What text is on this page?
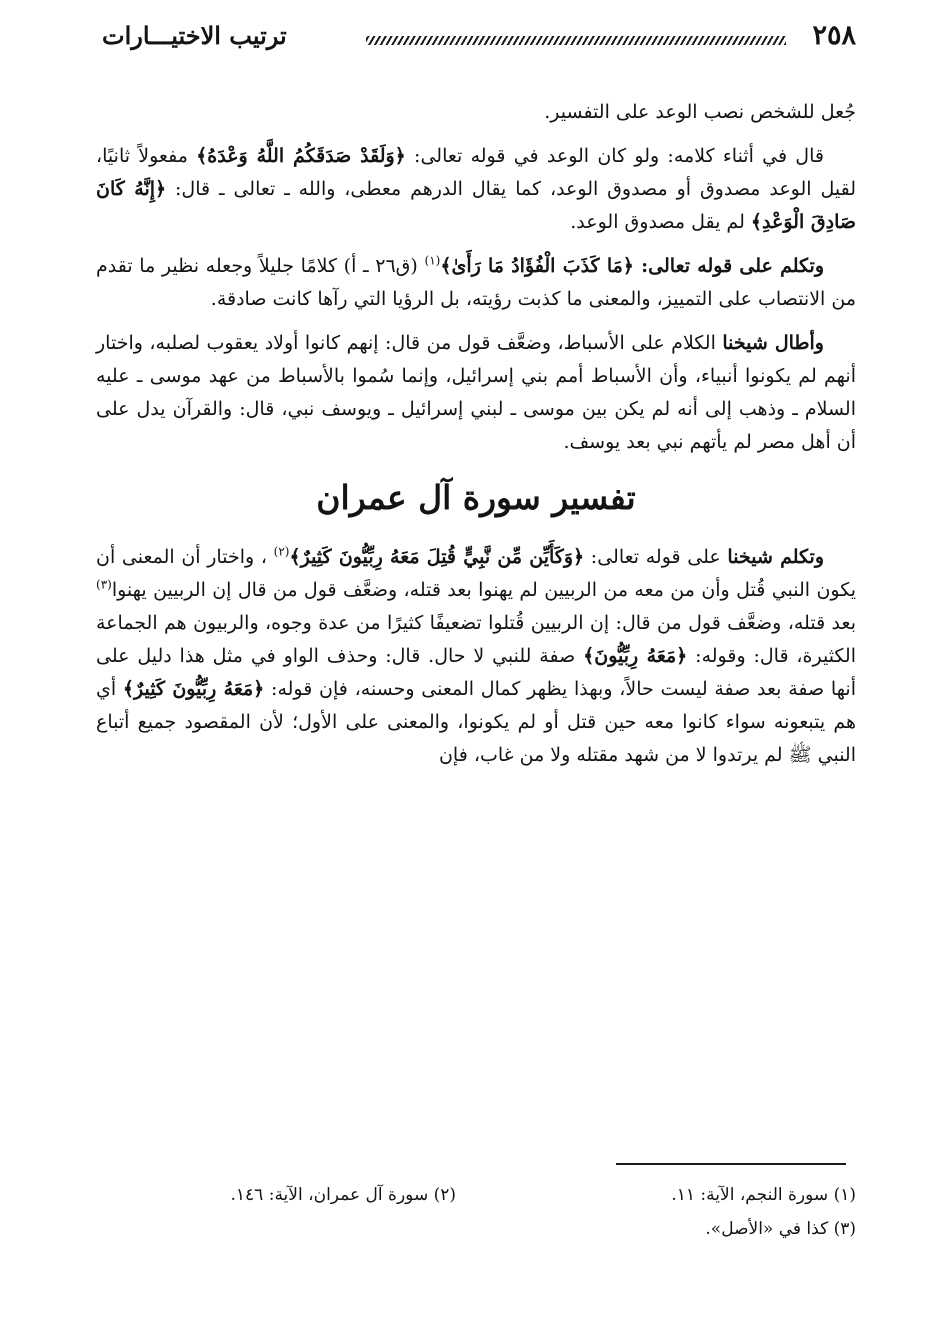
٢٥٨
ترتيب الاختيـــارات

جُعل للشخص نصب الوعد على التفسير.

قال في أثناء كلامه: ولو كان الوعد في قوله تعالى: ﴿وَلَقَدْ صَدَقَكُمُ اللَّهُ وَعْدَهُ﴾ مفعولاً ثانيًا، لقيل الوعد مصدوق أو مصدوق الوعد، كما يقال الدرهم معطى، والله ـ تعالى ـ قال: ﴿إِنَّهُ كَانَ صَادِقَ الْوَعْدِ﴾ لم يقل مصدوق الوعد.

وتكلم على قوله تعالى: ﴿مَا كَذَبَ الْفُؤَادُ مَا رَأَىٰ﴾$^{(١)}$ (ق٢٦ ـ أ) كلامًا جليلاً وجعله نظير ما تقدم من الانتصاب على التمييز، والمعنى ما كذبت رؤيته، بل الرؤيا التي رآها كانت صادقة.

وأطال شيخنا الكلام على الأسباط، وضعَّف قول من قال: إنهم كانوا أولاد يعقوب لصلبه، واختار أنهم لم يكونوا أنبياء، وأن الأسباط أمم بني إسرائيل، وإنما سُموا بالأسباط من عهد موسى ـ عليه السلام ـ وذهب إلى أنه لم يكن بين موسى ـ لبني إسرائيل ـ ويوسف نبي، قال: والقرآن يدل على أن أهل مصر لم يأتهم نبي بعد يوسف.

تفسير سورة آل عمران

وتكلم شيخنا على قوله تعالى: ﴿وَكَأَيِّن مِّن نَّبِيٍّ قُتِلَ مَعَهُ رِبِّيُّونَ كَثِيرٌ﴾$^{(٢)}$ ، واختار أن المعنى أن يكون النبي قُتل وأن من معه من الربيين لم يهنوا بعد قتله، وضعَّف قول من قال إن الربيين يهنوا$^{(٣)}$ بعد قتله، وضعَّف قول من قال: إن الربيين قُتلوا تضعيفًا كثيرًا من عدة وجوه، والربيون هم الجماعة الكثيرة، قال: وقوله: ﴿مَعَهُ رِبِّيُّونَ﴾ صفة للنبي لا حال. قال: وحذف الواو في مثل هذا دليل على أنها صفة بعد صفة ليست حالاً، وبهذا يظهر كمال المعنى وحسنه، فإن قوله: ﴿مَعَهُ رِبِّيُّونَ كَثِيرٌ﴾ أي هم يتبعونه سواء كانوا معه حين قتل أو لم يكونوا، والمعنى على الأول؛ لأن المقصود جميع أتباع النبي ﷺ لم يرتدوا لا من شهد مقتله ولا من غاب، فإن

(١) سورة النجم، الآية: ١١.
(٢) سورة آل عمران، الآية: ١٤٦.
(٣) كذا في «الأصل».
